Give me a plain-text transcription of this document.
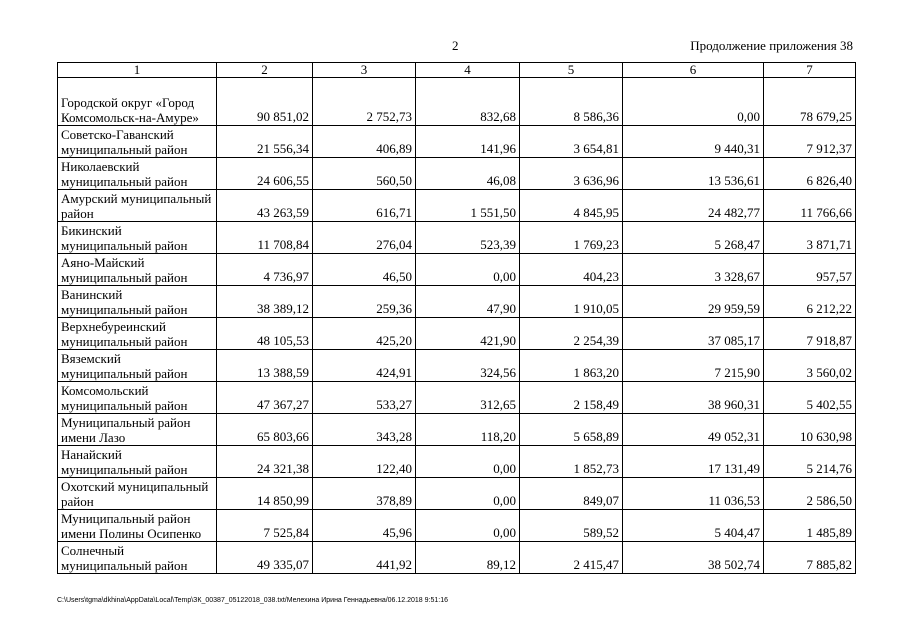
2	Продолжение приложения 38
1	2	3	4	5	6	7
Городской округ «Город Комсомольск-на-Амуре»	90 851,02	2 752,73	832,68	8 586,36	0,00	78 679,25
Советско-Гаванский муниципальный район	21 556,34	406,89	141,96	3 654,81	9 440,31	7 912,37
Николаевский муниципальный район	24 606,55	560,50	46,08	3 636,96	13 536,61	6 826,40
Амурский муниципальный район	43 263,59	616,71	1 551,50	4 845,95	24 482,77	11 766,66
Бикинский муниципальный район	11 708,84	276,04	523,39	1 769,23	5 268,47	3 871,71
Аяно-Майский муниципальный район	4 736,97	46,50	0,00	404,23	3 328,67	957,57
Ванинский муниципальный район	38 389,12	259,36	47,90	1 910,05	29 959,59	6 212,22
Верхнебуреинский муниципальный район	48 105,53	425,20	421,90	2 254,39	37 085,17	7 918,87
Вяземский муниципальный район	13 388,59	424,91	324,56	1 863,20	7 215,90	3 560,02
Комсомольский муниципальный район	47 367,27	533,27	312,65	2 158,49	38 960,31	5 402,55
Муниципальный район имени Лазо	65 803,66	343,28	118,20	5 658,89	49 052,31	10 630,98
Нанайский муниципальный район	24 321,38	122,40	0,00	1 852,73	17 131,49	5 214,76
Охотский муниципальный район	14 850,99	378,89	0,00	849,07	11 036,53	2 586,50
Муниципальный район имени Полины Осипенко	7 525,84	45,96	0,00	589,52	5 404,47	1 485,89
Солнечный муниципальный район	49 335,07	441,92	89,12	2 415,47	38 502,74	7 885,82
C:\Users\tgma\dkhina\AppData\Local\Temp\ЗК_00387_05122018_038.txt/Мелехина Ирина Геннадьевна/06.12.2018 9:51:16
